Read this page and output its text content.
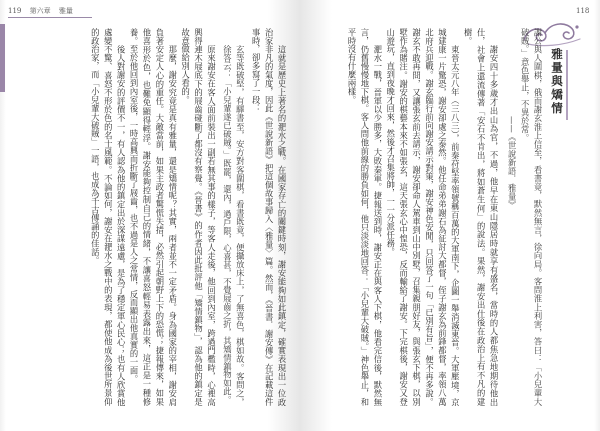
119 第六章 雅量

這就是歷史上著名的淝水之戰。在國家存亡的關鍵時刻，謝安能夠如此鎮定，確實表現出一位政治家非凡的氣度，因此《世說新語》把這個故事歸入〈雅量〉篇。然而，《晉書．謝安傳》在記載這件事時，卻多寫了一段：

玄等既破堅，有驛書至，安方對客圍棋，看書既竟，便攝放床上，了無喜色，棋如故。客問之，徐答云：「小兒輩遂已破賊。」既罷，還內，過戶限，心喜甚，不覺屐齒之折，其矯情鎮物如此。

原來謝安在客人面前裝出一副若無其事的樣子，等客人走後，他回到內室，跨過門檻時，心裡高興得連木屐底下的屐齒碰斷了都沒有察覺。《晉書》的作者因此批評他「矯情鎮物」，認為他的鎮定是故意做給別人看的。

那麼，謝安究竟是真有雅量，還是矯情呢？其實，兩者並不一定矛盾。身為國家的宰相，謝安肩負著安定人心的重任。大敵當前，如果主政者驚慌失措，必然引起朝野上下的恐慌；捷報傳來，如果他喜形於色，也難免顯得輕浮。謝安能夠控制自己的情緒，不讓喜怒輕易表露出來，這正是一種修養。至於他回到內室後，一時高興而折斷了屐齒，也不過是人之常情，反而顯出他真實的一面。

後人對謝安的評價不一，有人認為他的鎮定出於深謀遠慮，是為了穩定軍心民心；也有人欣賞他處變不驚、喜怒不形於色的名士風範。不論如何，謝安在淝水之戰中的表現，都使他成為後世所景仰的政治家，而「小兒輩大破賊」一語，也成為千古傳誦的佳話。

118
雅量與矯情

謝公與人圍棋，俄而謝玄淮上信至，看書竟，默然無言，徐向局。客問淮上利害，答曰：「小兒輩大破賊。」意色舉止，不異於常。

——《世說新語．雅量》

謝安四十多歲才出山為官，不過，他早在東山隱居時就享有盛名，當時的人都焦急地期待他出仕，社會上還流傳著「安石不肯出，將如蒼生何」的說法。果然，謝安出仕後在政治上有不凡的建樹。

東晉太元八年（三八三），前秦苻堅率領號稱百萬的大軍南下，企圖一舉消滅東晉。大軍壓境，京城建康一片驚恐，謝安卻處之泰然。他任命弟弟謝石為征討大都督，侄子謝玄為前鋒都督，率領八萬北府兵迎戰。謝玄臨行前向謝安請示對策，謝安神色安閒，只回答了一句「已別有旨」，便不再多說。謝玄不敢再問，又讓張玄前去請示，謝安卻命人駕車到山中別墅，召集親朋好友，與張玄下棋，以別墅作為賭注。謝安的棋藝本來不如張玄，這天張玄心中惶恐，反而輸給了謝安。下完棋後，謝安又登山遊玩，直到夜晚才回來，然後才召集將帥，一一分派任務。

淝水一戰，晉軍以少勝多，大敗秦軍。捷報送到時，謝安正在與客人下棋，他看完信後，默然無言，仍舊慢慢地下棋。客人問他前線的勝負如何，他只淡淡地回答：「小兒輩大破賊。」神色舉止，和平時沒有什麼兩樣。
